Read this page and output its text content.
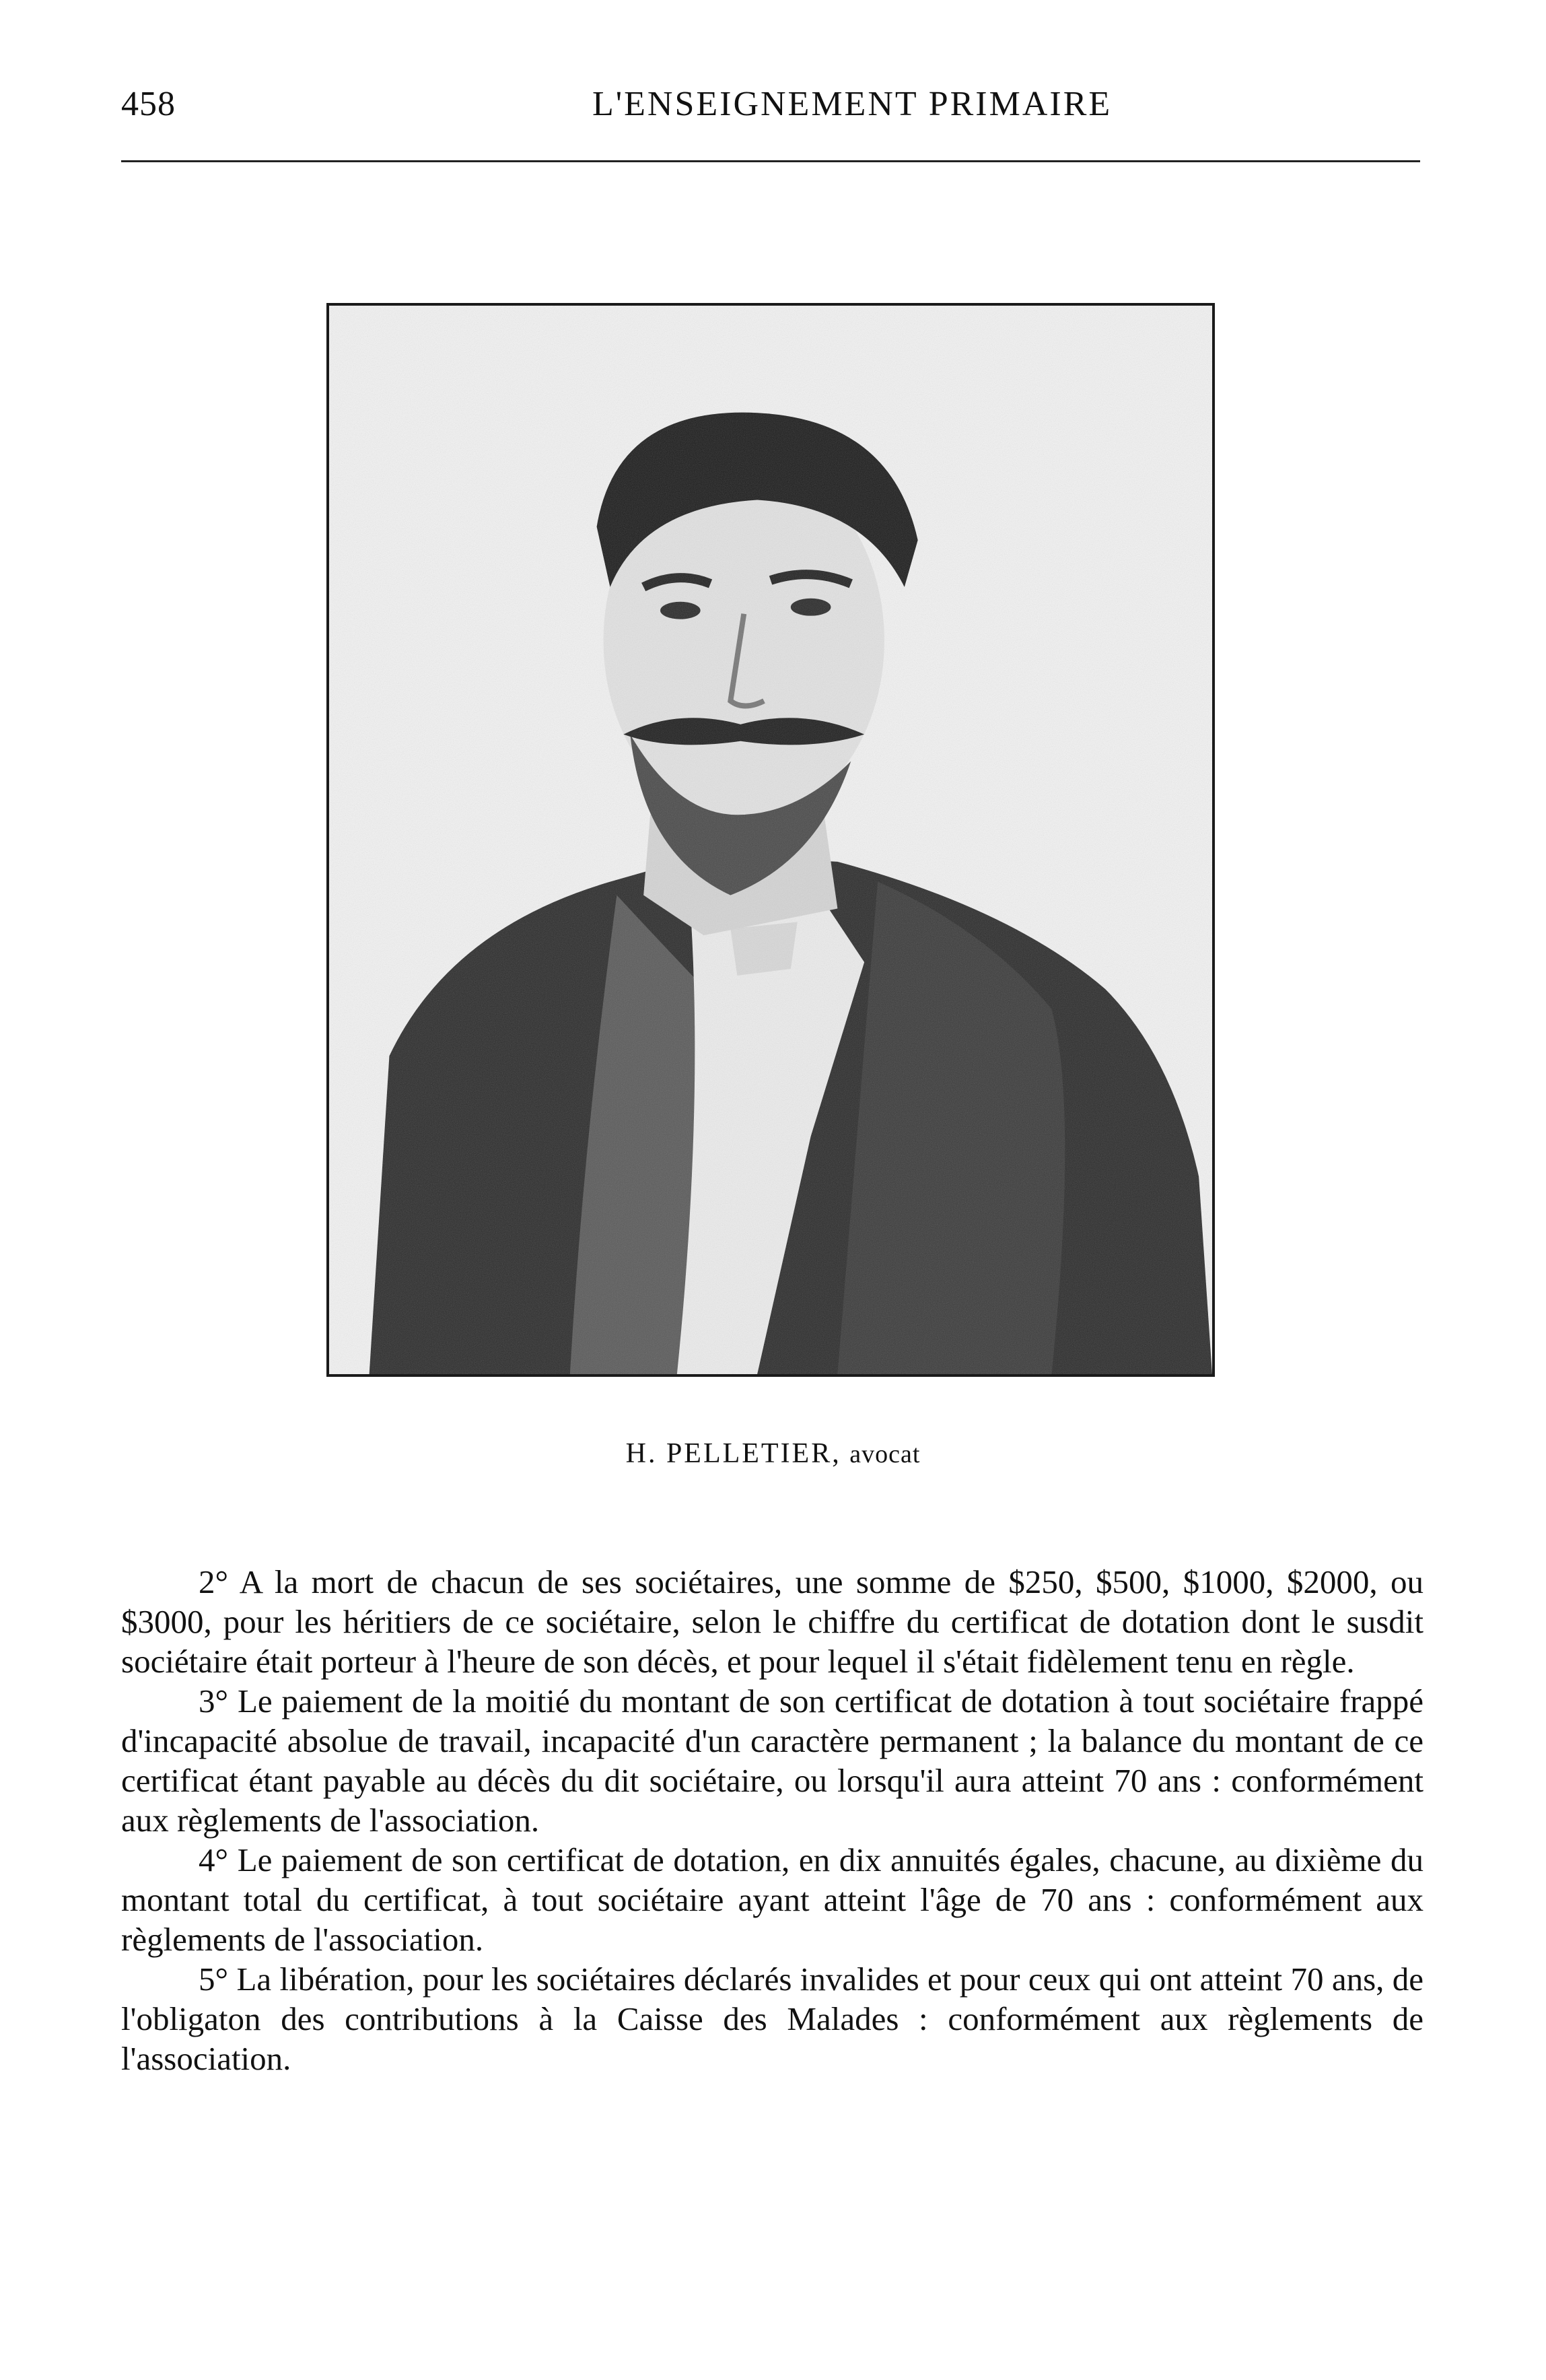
458	L'ENSEIGNEMENT PRIMAIRE
H. PELLETIER, avocat

2° A la mort de chacun de ses sociétaires, une somme de $250, $500, $1000, $2000, ou $3000, pour les héritiers de ce sociétaire, selon le chiffre du certificat de dotation dont le susdit sociétaire était porteur à l'heure de son décès, et pour lequel il s'était fidèlement tenu en règle.

3° Le paiement de la moitié du montant de son certificat de dotation à tout sociétaire frappé d'incapacité absolue de travail, incapacité d'un caractère permanent ; la balance du montant de ce certificat étant payable au décès du dit sociétaire, ou lorsqu'il aura atteint 70 ans : conformément aux règlements de l'association.

4° Le paiement de son certificat de dotation, en dix annuités égales, chacune, au dixième du montant total du certificat, à tout sociétaire ayant atteint l'âge de 70 ans : conformément aux règlements de l'association.

5° La libération, pour les sociétaires déclarés invalides et pour ceux qui ont atteint 70 ans, de l'obligaton des contributions à la Caisse des Malades : conformément aux règlements de l'association.
